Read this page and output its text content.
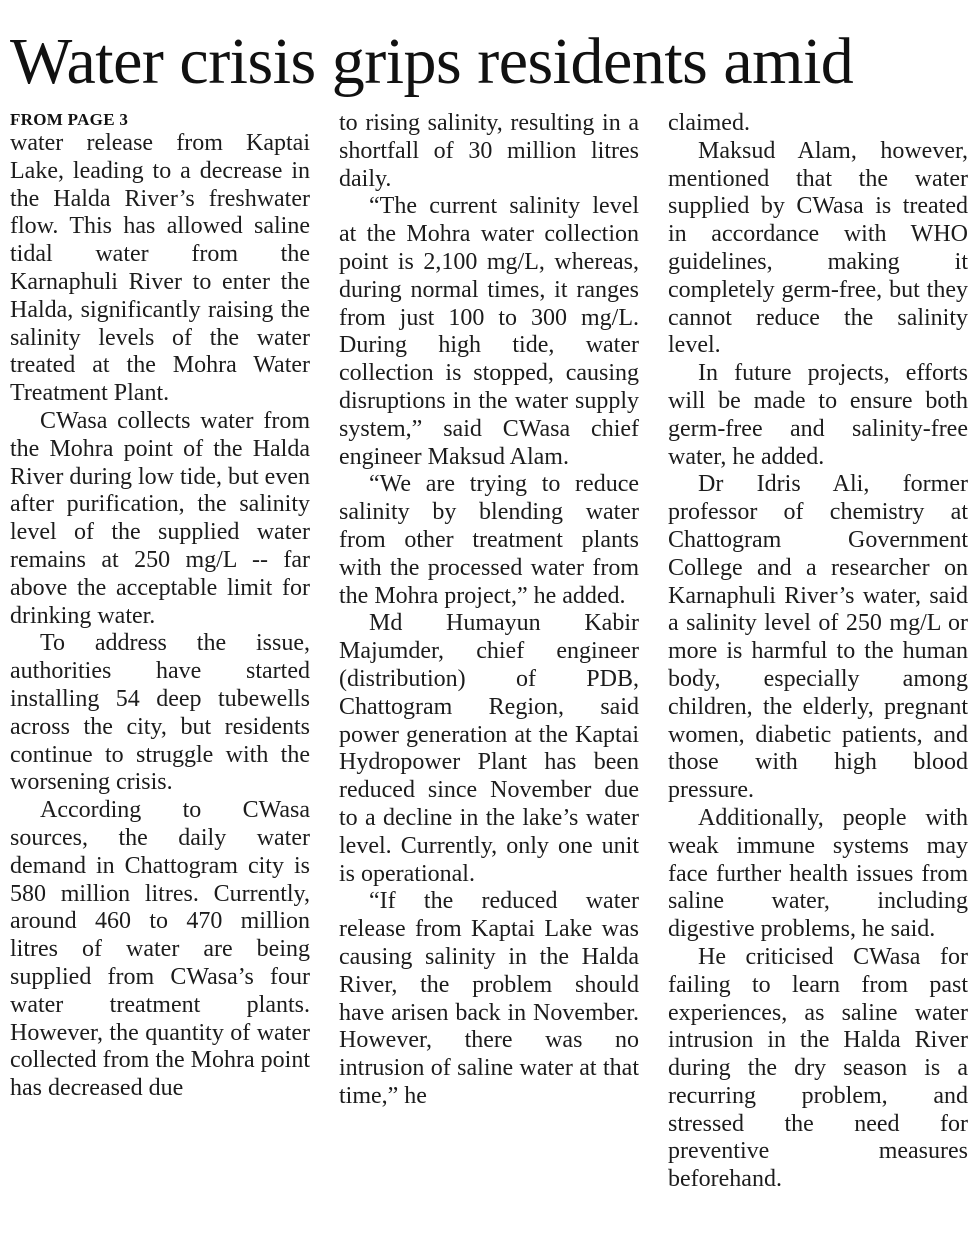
Water crisis grips residents amid
FROM PAGE 3

water release from Kaptai Lake, leading to a decrease in the Halda River’s freshwater flow. This has allowed saline tidal water from the Karnaphuli River to enter the Halda, significantly raising the salinity levels of the water treated at the Mohra Water Treatment Plant.

CWasa collects water from the Mohra point of the Halda River during low tide, but even after purification, the salinity level of the supplied water remains at 250 mg/L -- far above the acceptable limit for drinking water.

To address the issue, authorities have started installing 54 deep tubewells across the city, but residents continue to struggle with the worsening crisis.

According to CWasa sources, the daily water demand in Chattogram city is 580 million litres. Currently, around 460 to 470 million litres of water are being supplied from CWasa’s four water treatment plants. However, the quantity of water collected from the Mohra point has decreased due

to rising salinity, resulting in a shortfall of 30 million litres daily.

“The current salinity level at the Mohra water collection point is 2,100 mg/L, whereas, during normal times, it ranges from just 100 to 300 mg/L. During high tide, water collection is stopped, causing disruptions in the water supply system,” said CWasa chief engineer Maksud Alam.

“We are trying to reduce salinity by blending water from other treatment plants with the processed water from the Mohra project,” he added.

Md Humayun Kabir Majumder, chief engineer (distribution) of PDB, Chattogram Region, said power generation at the Kaptai Hydropower Plant has been reduced since November due to a decline in the lake’s water level. Currently, only one unit is operational.

“If the reduced water release from Kaptai Lake was causing salinity in the Halda River, the problem should have arisen back in November. However, there was no intrusion of saline water at that time,” he

claimed.

Maksud Alam, however, mentioned that the water supplied by CWasa is treated in accordance with WHO guidelines, making it completely germ-free, but they cannot reduce the salinity level.

In future projects, efforts will be made to ensure both germ-free and salinity-free water, he added.

Dr Idris Ali, former professor of chemistry at Chattogram Government College and a researcher on Karnaphuli River’s water, said a salinity level of 250 mg/L or more is harmful to the human body, especially among children, the elderly, pregnant women, diabetic patients, and those with high blood pressure.

Additionally, people with weak immune systems may face further health issues from saline water, including digestive problems, he said.

He criticised CWasa for failing to learn from past experiences, as saline water intrusion in the Halda River during the dry season is a recurring problem, and stressed the need for preventive measures beforehand.
